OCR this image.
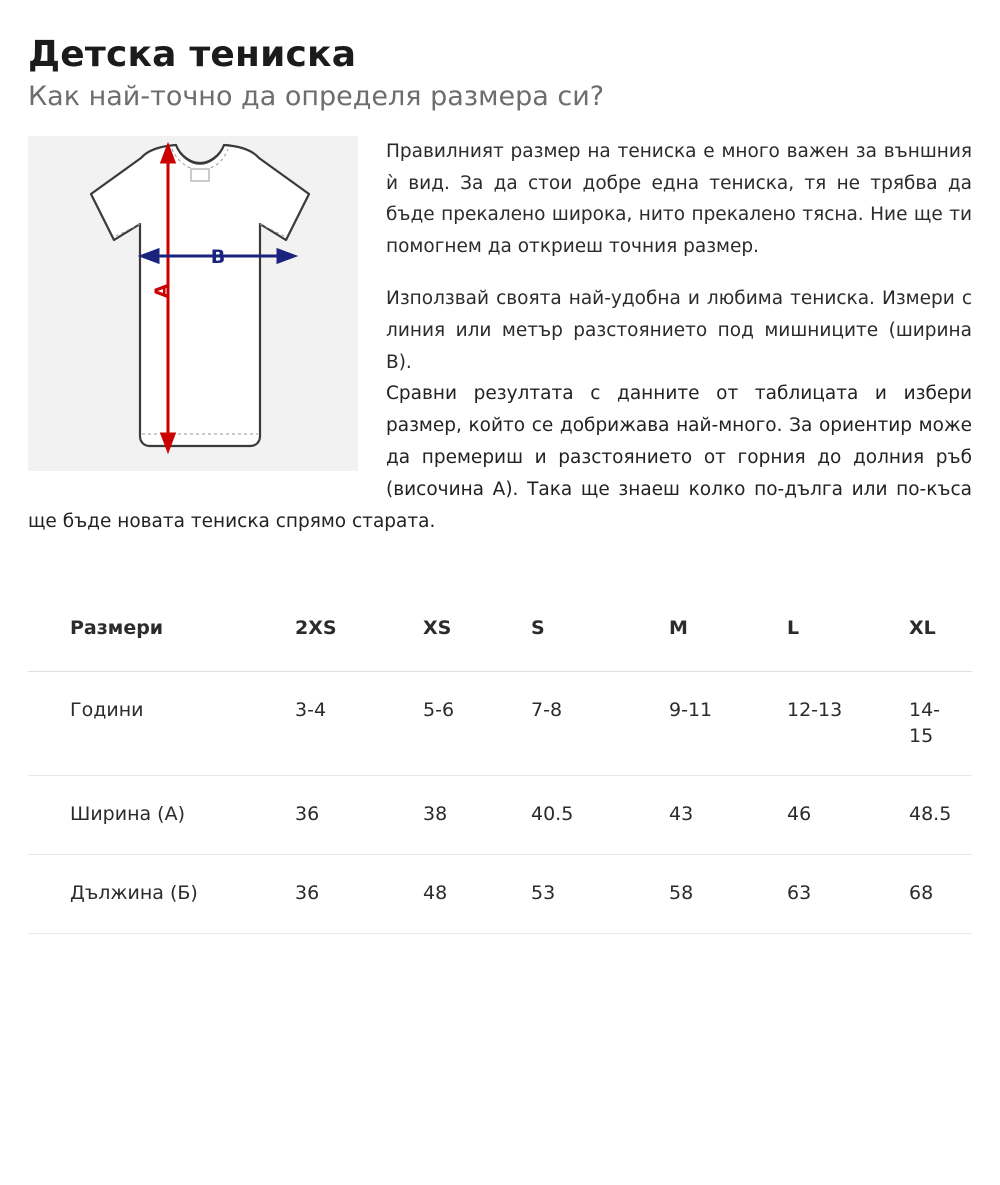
Детска тениска
Как най-точно да определя размера си?
A
B

Правилният размер на тениска е много важен за външния ѝ вид. За да стои добре една тениска, тя не трябва да бъде прекалено широка, нито прекалено тясна. Ние ще ти помогнем да откриеш точния размер.

Използвай своята най-удобна и любима тениска. Измери с линия или метър разстоянието под мишниците (ширина B).

Сравни резултата с данните от таблицата и избери размер, който се добрижава най-много. За ориентир може да премериш и разстоянието от горния до долния ръб (височина A). Така ще знаеш колко по-дълга или по-къса ще бъде новата тениска спрямо старата.

Размери	2XS	XS	S	M	L	XL
Години	3-4	5-6	7-8	9-11	12-13	14-15
Ширина (А)	36	38	40.5	43	46	48.5
Дължина (Б)	36	48	53	58	63	68
